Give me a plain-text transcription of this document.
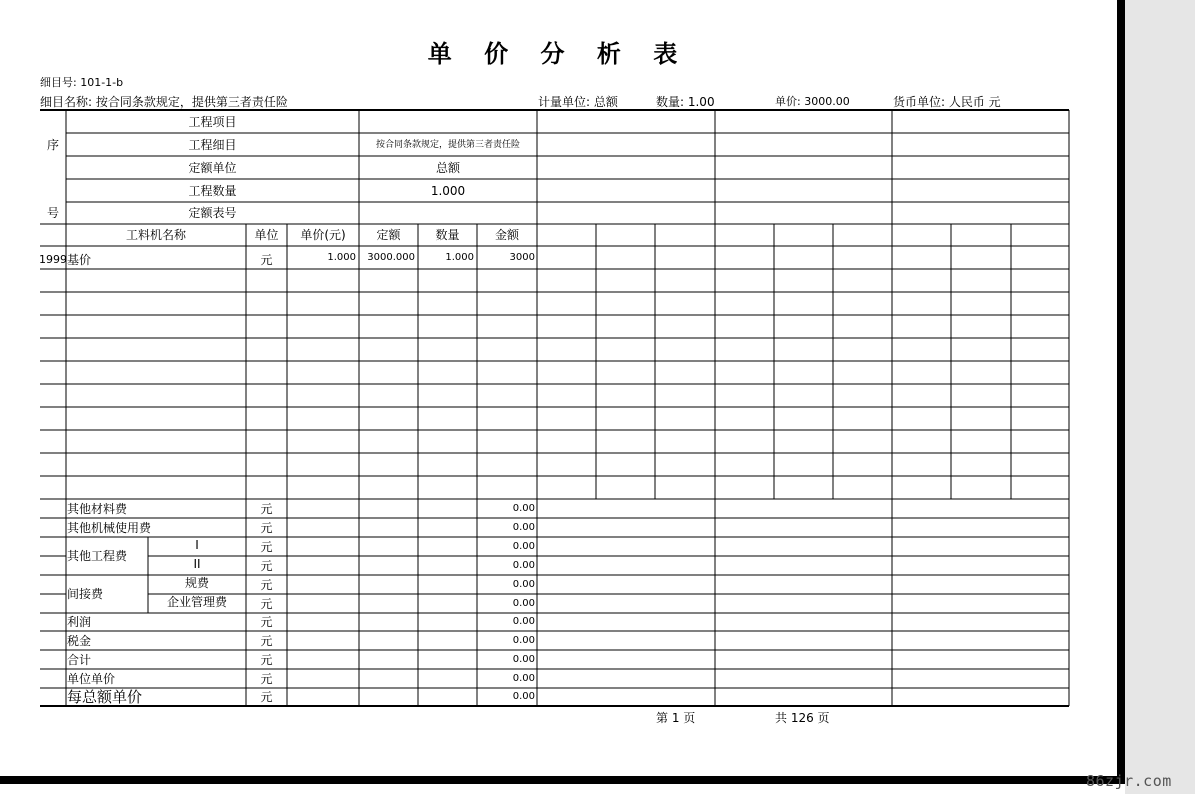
单 价 分 析 表
细目号: 101-1-b
细目名称: 按合同条款规定，提供第三者责任险	计量单位: 总额	数量: 1.00	单价: 3000.00	货币单位: 人民币 元
序
号
工程项目
工程细目	按合同条款规定，提供第三者责任险
定额单位	总额
工程数量	1.000
定额表号
工料机名称	单位	单价(元)	定额	数量	金额
1999 基价	元	1.000	3000.000	1.000	3000
其他材料费	元	0.00
其他机械使用费	元	0.00
其他工程费
I	元	0.00
II	元	0.00
间接费
规费	元	0.00
企业管理费	元	0.00
利润	元	0.00
税金	元	0.00
合计	元	0.00
单位单价	元	0.00
每总额单价	元	0.00
第 1 页	共 126 页
86zjr.com
